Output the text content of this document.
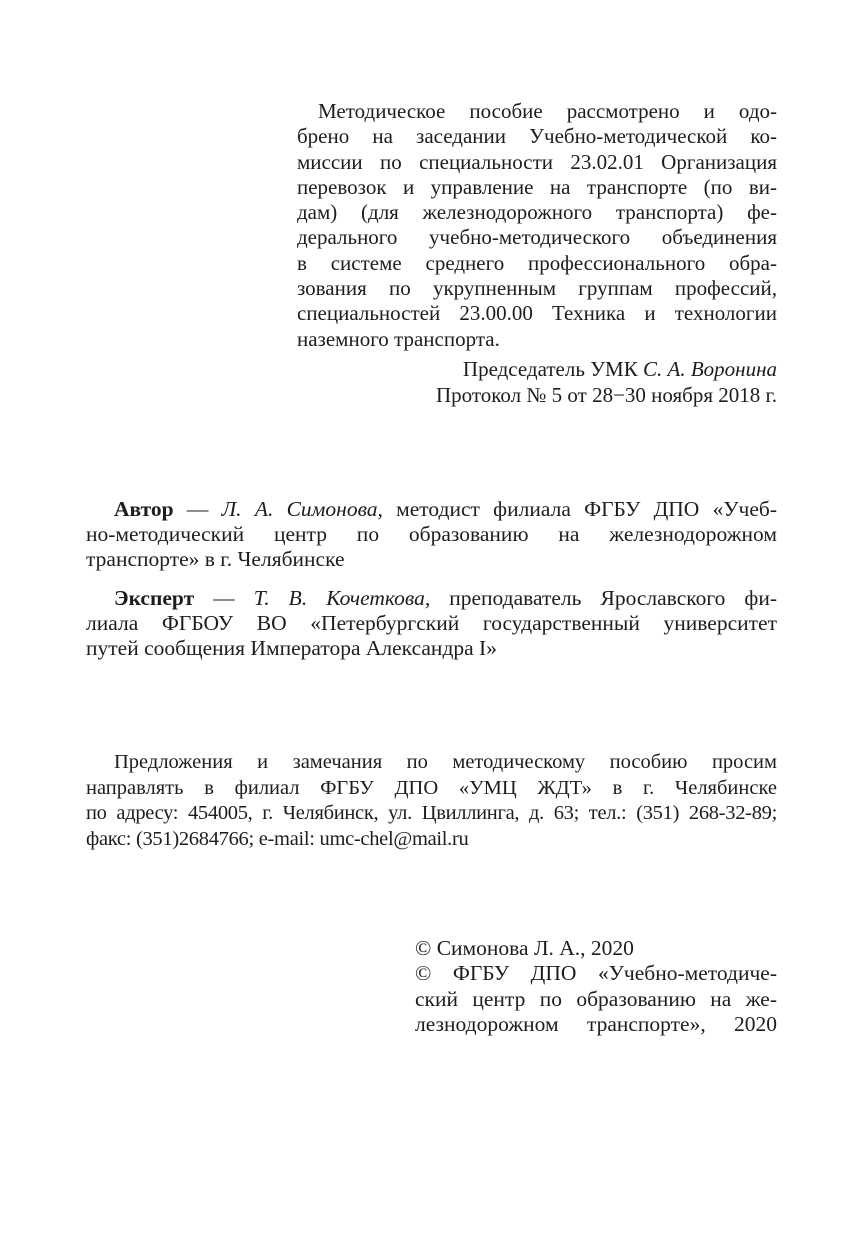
Методическое пособие рассмотрено и одо-
брено на заседании Учебно-методической ко-
миссии по специальности 23.02.01 Организация
перевозок и управление на транспорте (по ви-
дам) (для железнодорожного транспорта) фе-
дерального учебно-методического объединения
в системе среднего профессионального обра-
зования по укрупненным группам профессий,
специальностей 23.00.00 Техника и технологии
наземного транспорта.
Председатель УМК С. А. Воронина
Протокол № 5 от 28−30 ноября 2018 г.
Автор — Л. А. Симонова, методист филиала ФГБУ ДПО «Учеб-
но-методический центр по образованию на железнодорожном
транспорте» в г. Челябинске
Эксперт — Т. В. Кочеткова, преподаватель Ярославского фи-
лиала ФГБОУ ВО «Петербургский государственный университет
путей сообщения Императора Александра I»
Предложения и замечания по методическому пособию просим
направлять в филиал ФГБУ ДПО «УМЦ ЖДТ» в г. Челябинске
по адресу: 454005, г. Челябинск, ул. Цвиллинга, д. 63; тел.: (351) 268-32-89;
факс: (351)2684766; e-mail: umc-chel@mail.ru
© Симонова Л. А., 2020
© ФГБУ ДПО «Учебно-методиче-
ский центр по образованию на же-
лезнодорожном транспорте», 2020
